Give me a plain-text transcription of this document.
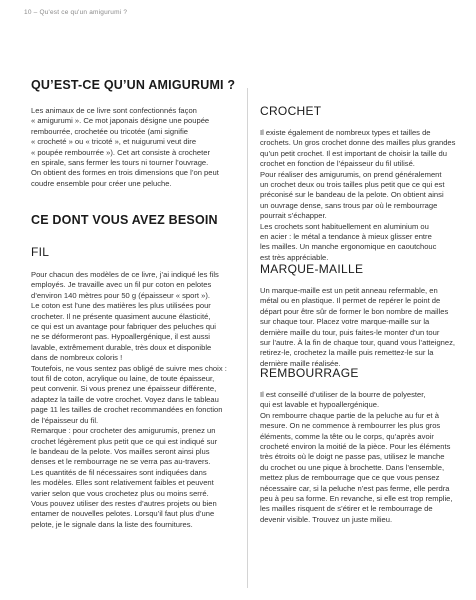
10 – Qu'est ce qu'un amigurumi ?
QU’EST-CE QU’UN AMIGURUMI ?

Les animaux de ce livre sont confectionnés façon

« amigurumi ». Ce mot japonais désigne une poupée

rembourrée, crochetée ou tricotée (ami signifie

« crocheté » ou « tricoté », et nuigurumi veut dire

« poupée rembourrée »). Cet art consiste à crocheter

en spirale, sans fermer les tours ni tourner l’ouvrage.

On obtient des formes en trois dimensions que l’on peut

coudre ensemble pour créer une peluche.

CE DONT VOUS AVEZ BESOIN
FIL

Pour chacun des modèles de ce livre, j’ai indiqué les fils

employés. Je travaille avec un fil pur coton en pelotes

d’environ 140 mètres pour 50 g (épaisseur « sport »).

Le coton est l’une des matières les plus utilisées pour

crocheter. Il ne présente quasiment aucune élasticité,

ce qui est un avantage pour fabriquer des peluches qui

ne se déformeront pas. Hypoallergénique, il est aussi

lavable, extrêmement durable, très doux et disponible

dans de nombreux coloris !

Toutefois, ne vous sentez pas obligé de suivre mes choix :

tout fil de coton, acrylique ou laine, de toute épaisseur,

peut convenir. Si vous prenez une épaisseur différente,

adaptez la taille de votre crochet. Voyez dans le tableau

page 11 les tailles de crochet recommandées en fonction

de l’épaisseur du fil.

Remarque : pour crocheter des amigurumis, prenez un

crochet légèrement plus petit que ce qui est indiqué sur

le bandeau de la pelote. Vos mailles seront ainsi plus

denses et le rembourrage ne se verra pas au-travers.

Les quantités de fil nécessaires sont indiquées dans

les modèles. Elles sont relativement faibles et peuvent

varier selon que vous crochetez plus ou moins serré.

Vous pouvez utiliser des restes d’autres projets ou bien

entamer de nouvelles pelotes. Lorsqu’il faut plus d’une

pelote, je le signale dans la liste des fournitures.

CROCHET

Il existe également de nombreux types et tailles de

crochets. Un gros crochet donne des mailles plus grandes

qu’un petit crochet. Il est important de choisir la taille du

crochet en fonction de l’épaisseur du fil utilisé.

Pour réaliser des amigurumis, on prend généralement

un crochet deux ou trois tailles plus petit que ce qui est

préconisé sur le bandeau de la pelote. On obtient ainsi

un ouvrage dense, sans trous par où le rembourrage

pourrait s’échapper.

Les crochets sont habituellement en aluminium ou

en acier : le métal a tendance à mieux glisser entre

les mailles. Un manche ergonomique en caoutchouc

est très appréciable.

MARQUE-MAILLE

Un marque-maille est un petit anneau refermable, en

métal ou en plastique. Il permet de repérer le point de

départ pour être sûr de former le bon nombre de mailles

sur chaque tour. Placez votre marque-maille sur la

dernière maille du tour, puis faites-le monter d’un tour

sur l’autre. À la fin de chaque tour, quand vous l’atteignez,

retirez-le, crochetez la maille puis remettez-le sur la

dernière maille réalisée.

REMBOURRAGE

Il est conseillé d’utiliser de la bourre de polyester,

qui est lavable et hypoallergénique.

On rembourre chaque partie de la peluche au fur et à

mesure. On ne commence à rembourrer les plus gros

éléments, comme la tête ou le corps, qu’après avoir

crocheté environ la moitié de la pièce. Pour les éléments

très étroits où le doigt ne passe pas, utilisez le manche

du crochet ou une pique à brochette. Dans l’ensemble,

mettez plus de rembourrage que ce que vous pensez

nécessaire car, si la peluche n’est pas ferme, elle perdra

peu à peu sa forme. En revanche, si elle est trop remplie,

les mailles risquent de s’étirer et le rembourrage de

devenir visible. Trouvez un juste milieu.
